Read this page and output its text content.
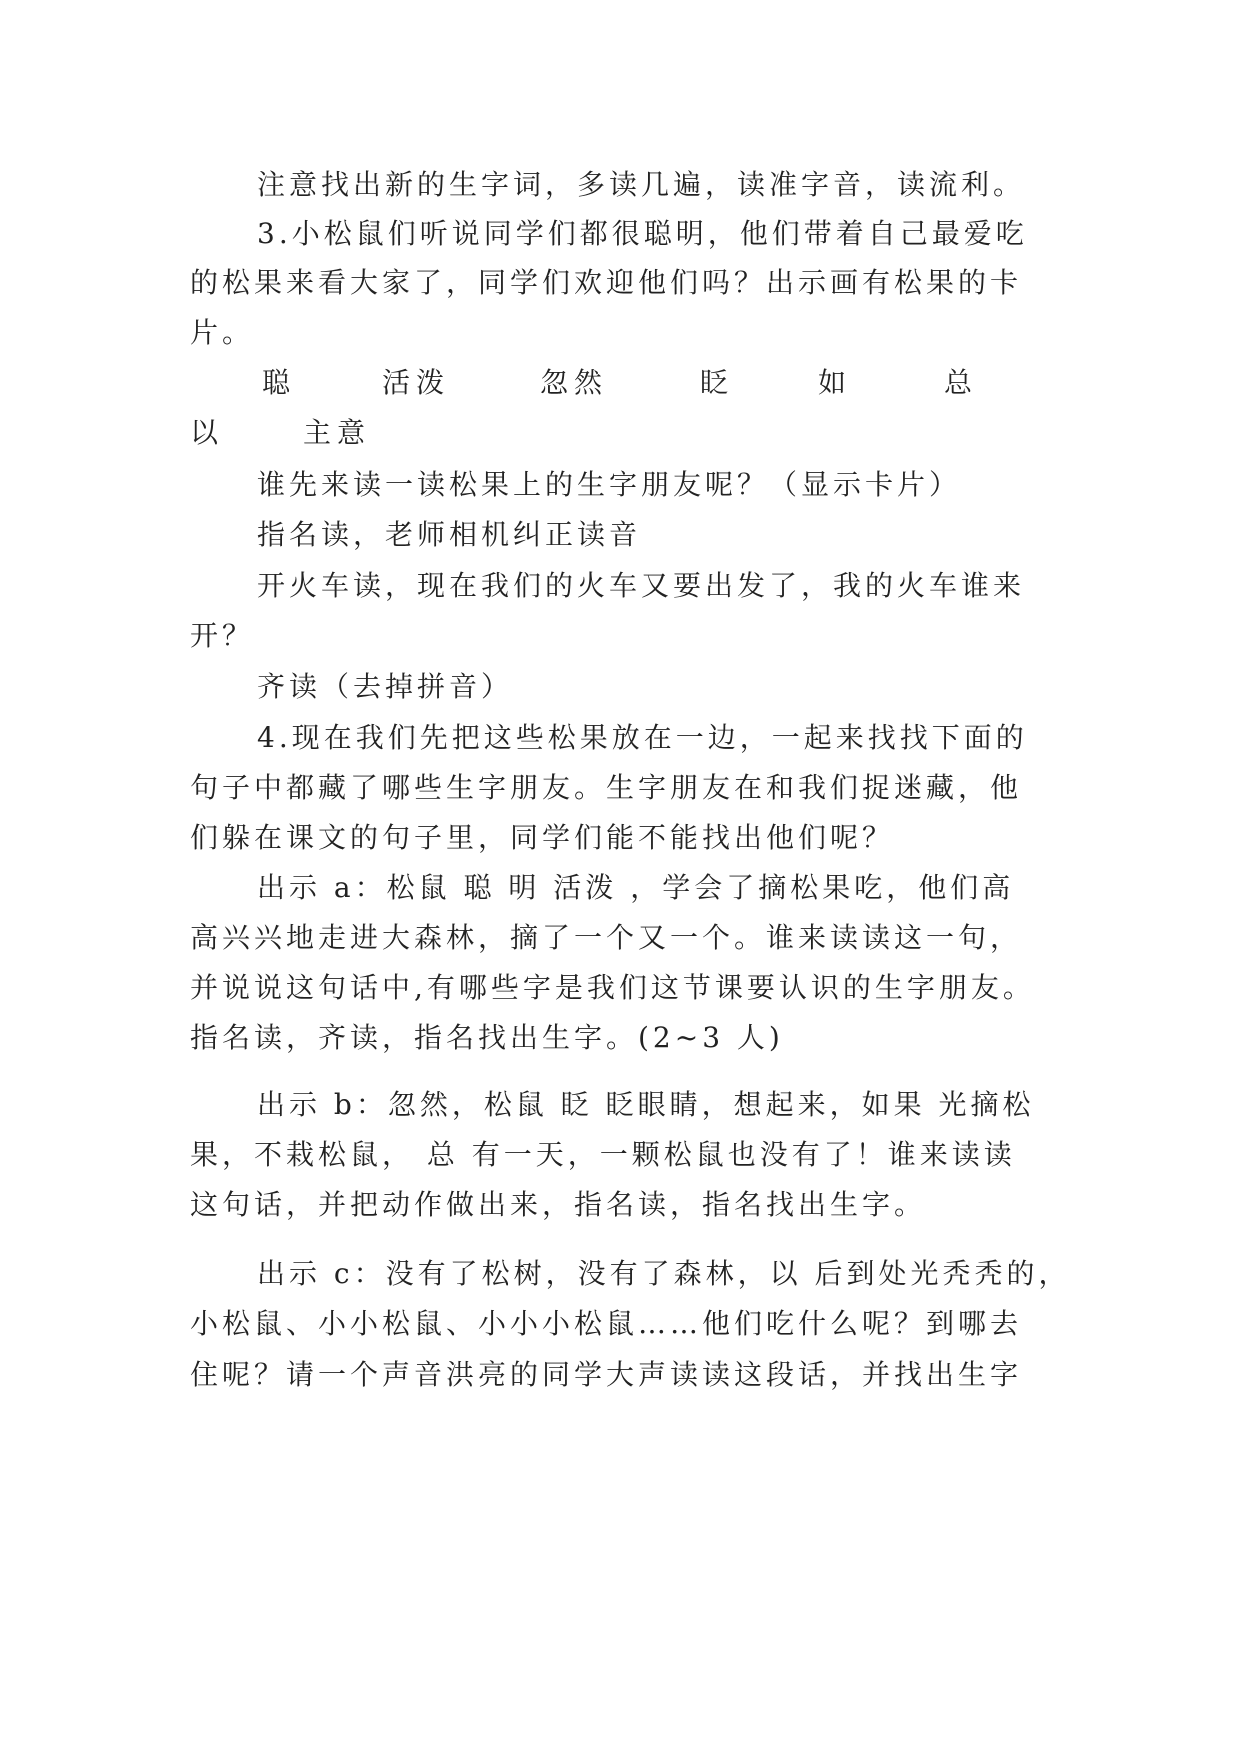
注意找出新的生字词，多读几遍，读准字音，读流利。
3.小松鼠们听说同学们都很聪明，他们带着自己最爱吃
的松果来看大家了，同学们欢迎他们吗？出示画有松果的卡
片。
聪	活泼	忽然	眨	如	总
以	主意
谁先来读一读松果上的生字朋友呢？（显示卡片）
指名读，老师相机纠正读音
开火车读，现在我们的火车又要出发了，我的火车谁来
开？
齐读（去掉拼音）
4.现在我们先把这些松果放在一边，一起来找找下面的
句子中都藏了哪些生字朋友。生字朋友在和我们捉迷藏，他
们躲在课文的句子里，同学们能不能找出他们呢？
出示 a：松鼠 聪 明 活泼 ，学会了摘松果吃，他们高
高兴兴地走进大森林，摘了一个又一个。谁来读读这一句，
并说说这句话中,有哪些字是我们这节课要认识的生字朋友。
指名读，齐读，指名找出生字。(2~3 人)
出示 b：忽然，松鼠 眨 眨眼睛，想起来，如果 光摘松
果，不栽松鼠， 总 有一天，一颗松鼠也没有了！谁来读读
这句话，并把动作做出来，指名读，指名找出生字。
出示 c：没有了松树，没有了森林，以 后到处光秃秃的，
小松鼠、小小松鼠、小小小松鼠……他们吃什么呢？到哪去
住呢？请一个声音洪亮的同学大声读读这段话，并找出生字
